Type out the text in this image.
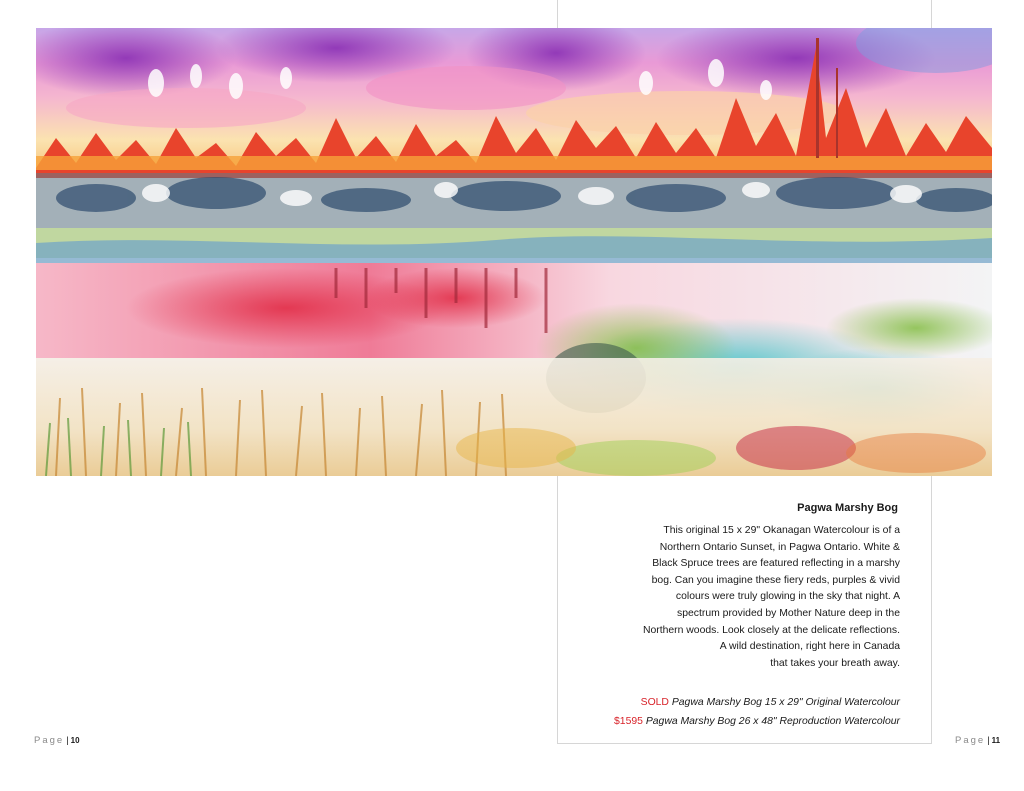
Pagwa Marshy Bog

This original 15 x 29" Okanagan Watercolour is of a
Northern Ontario Sunset, in Pagwa Ontario. White &
Black Spruce trees are featured reflecting in a marshy
bog. Can you imagine these fiery reds, purples & vivid
colours were truly glowing in the sky that night. A
spectrum provided by Mother Nature deep in the
Northern woods. Look closely at the delicate reflections.
A wild destination, right here in Canada
that takes your breath away.

SOLD Pagwa Marshy Bog 15 x 29" Original Watercolour
$1595 Pagwa Marshy Bog 26 x 48" Reproduction Watercolour
Page | 10	Page | 11
